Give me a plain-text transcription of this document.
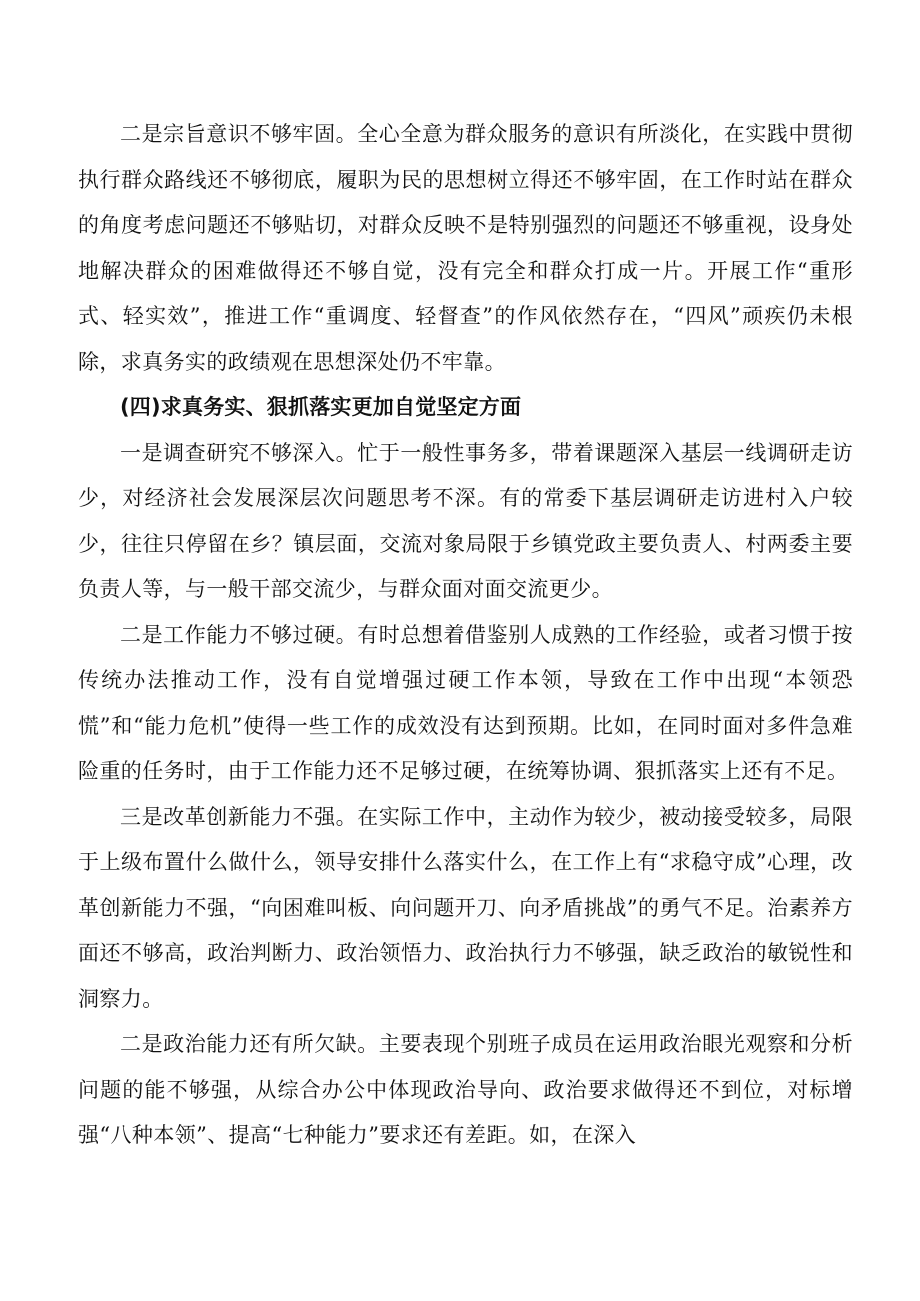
二是宗旨意识不够牢固。全心全意为群众服务的意识有所淡化，在实践中贯彻执行群众路线还不够彻底，履职为民的思想树立得还不够牢固，在工作时站在群众的角度考虑问题还不够贴切，对群众反映不是特别强烈的问题还不够重视，设身处地解决群众的困难做得还不够自觉，没有完全和群众打成一片。开展工作“重形式、轻实效”，推进工作“重调度、轻督查”的作风依然存在，“四风”顽疾仍未根除，求真务实的政绩观在思想深处仍不牢靠。

(四)求真务实、狠抓落实更加自觉坚定方面

一是调查研究不够深入。忙于一般性事务多，带着课题深入基层一线调研走访少，对经济社会发展深层次问题思考不深。有的常委下基层调研走访进村入户较少，往往只停留在乡？镇层面，交流对象局限于乡镇党政主要负责人、村两委主要负责人等，与一般干部交流少，与群众面对面交流更少。

二是工作能力不够过硬。有时总想着借鉴别人成熟的工作经验，或者习惯于按传统办法推动工作，没有自觉增强过硬工作本领，导致在工作中出现“本领恐慌”和“能力危机”使得一些工作的成效没有达到预期。比如，在同时面对多件急难险重的任务时，由于工作能力还不足够过硬，在统筹协调、狠抓落实上还有不足。

三是改革创新能力不强。在实际工作中，主动作为较少，被动接受较多，局限于上级布置什么做什么，领导安排什么落实什么，在工作上有“求稳守成”心理，改革创新能力不强，“向困难叫板、向问题开刀、向矛盾挑战”的勇气不足。治素养方面还不够高，政治判断力、政治领悟力、政治执行力不够强，缺乏政治的敏锐性和洞察力。

二是政治能力还有所欠缺。主要表现个别班子成员在运用政治眼光观察和分析问题的能不够强，从综合办公中体现政治导向、政治要求做得还不到位，对标增强“八种本领”、提高“七种能力”要求还有差距。如，在深入
